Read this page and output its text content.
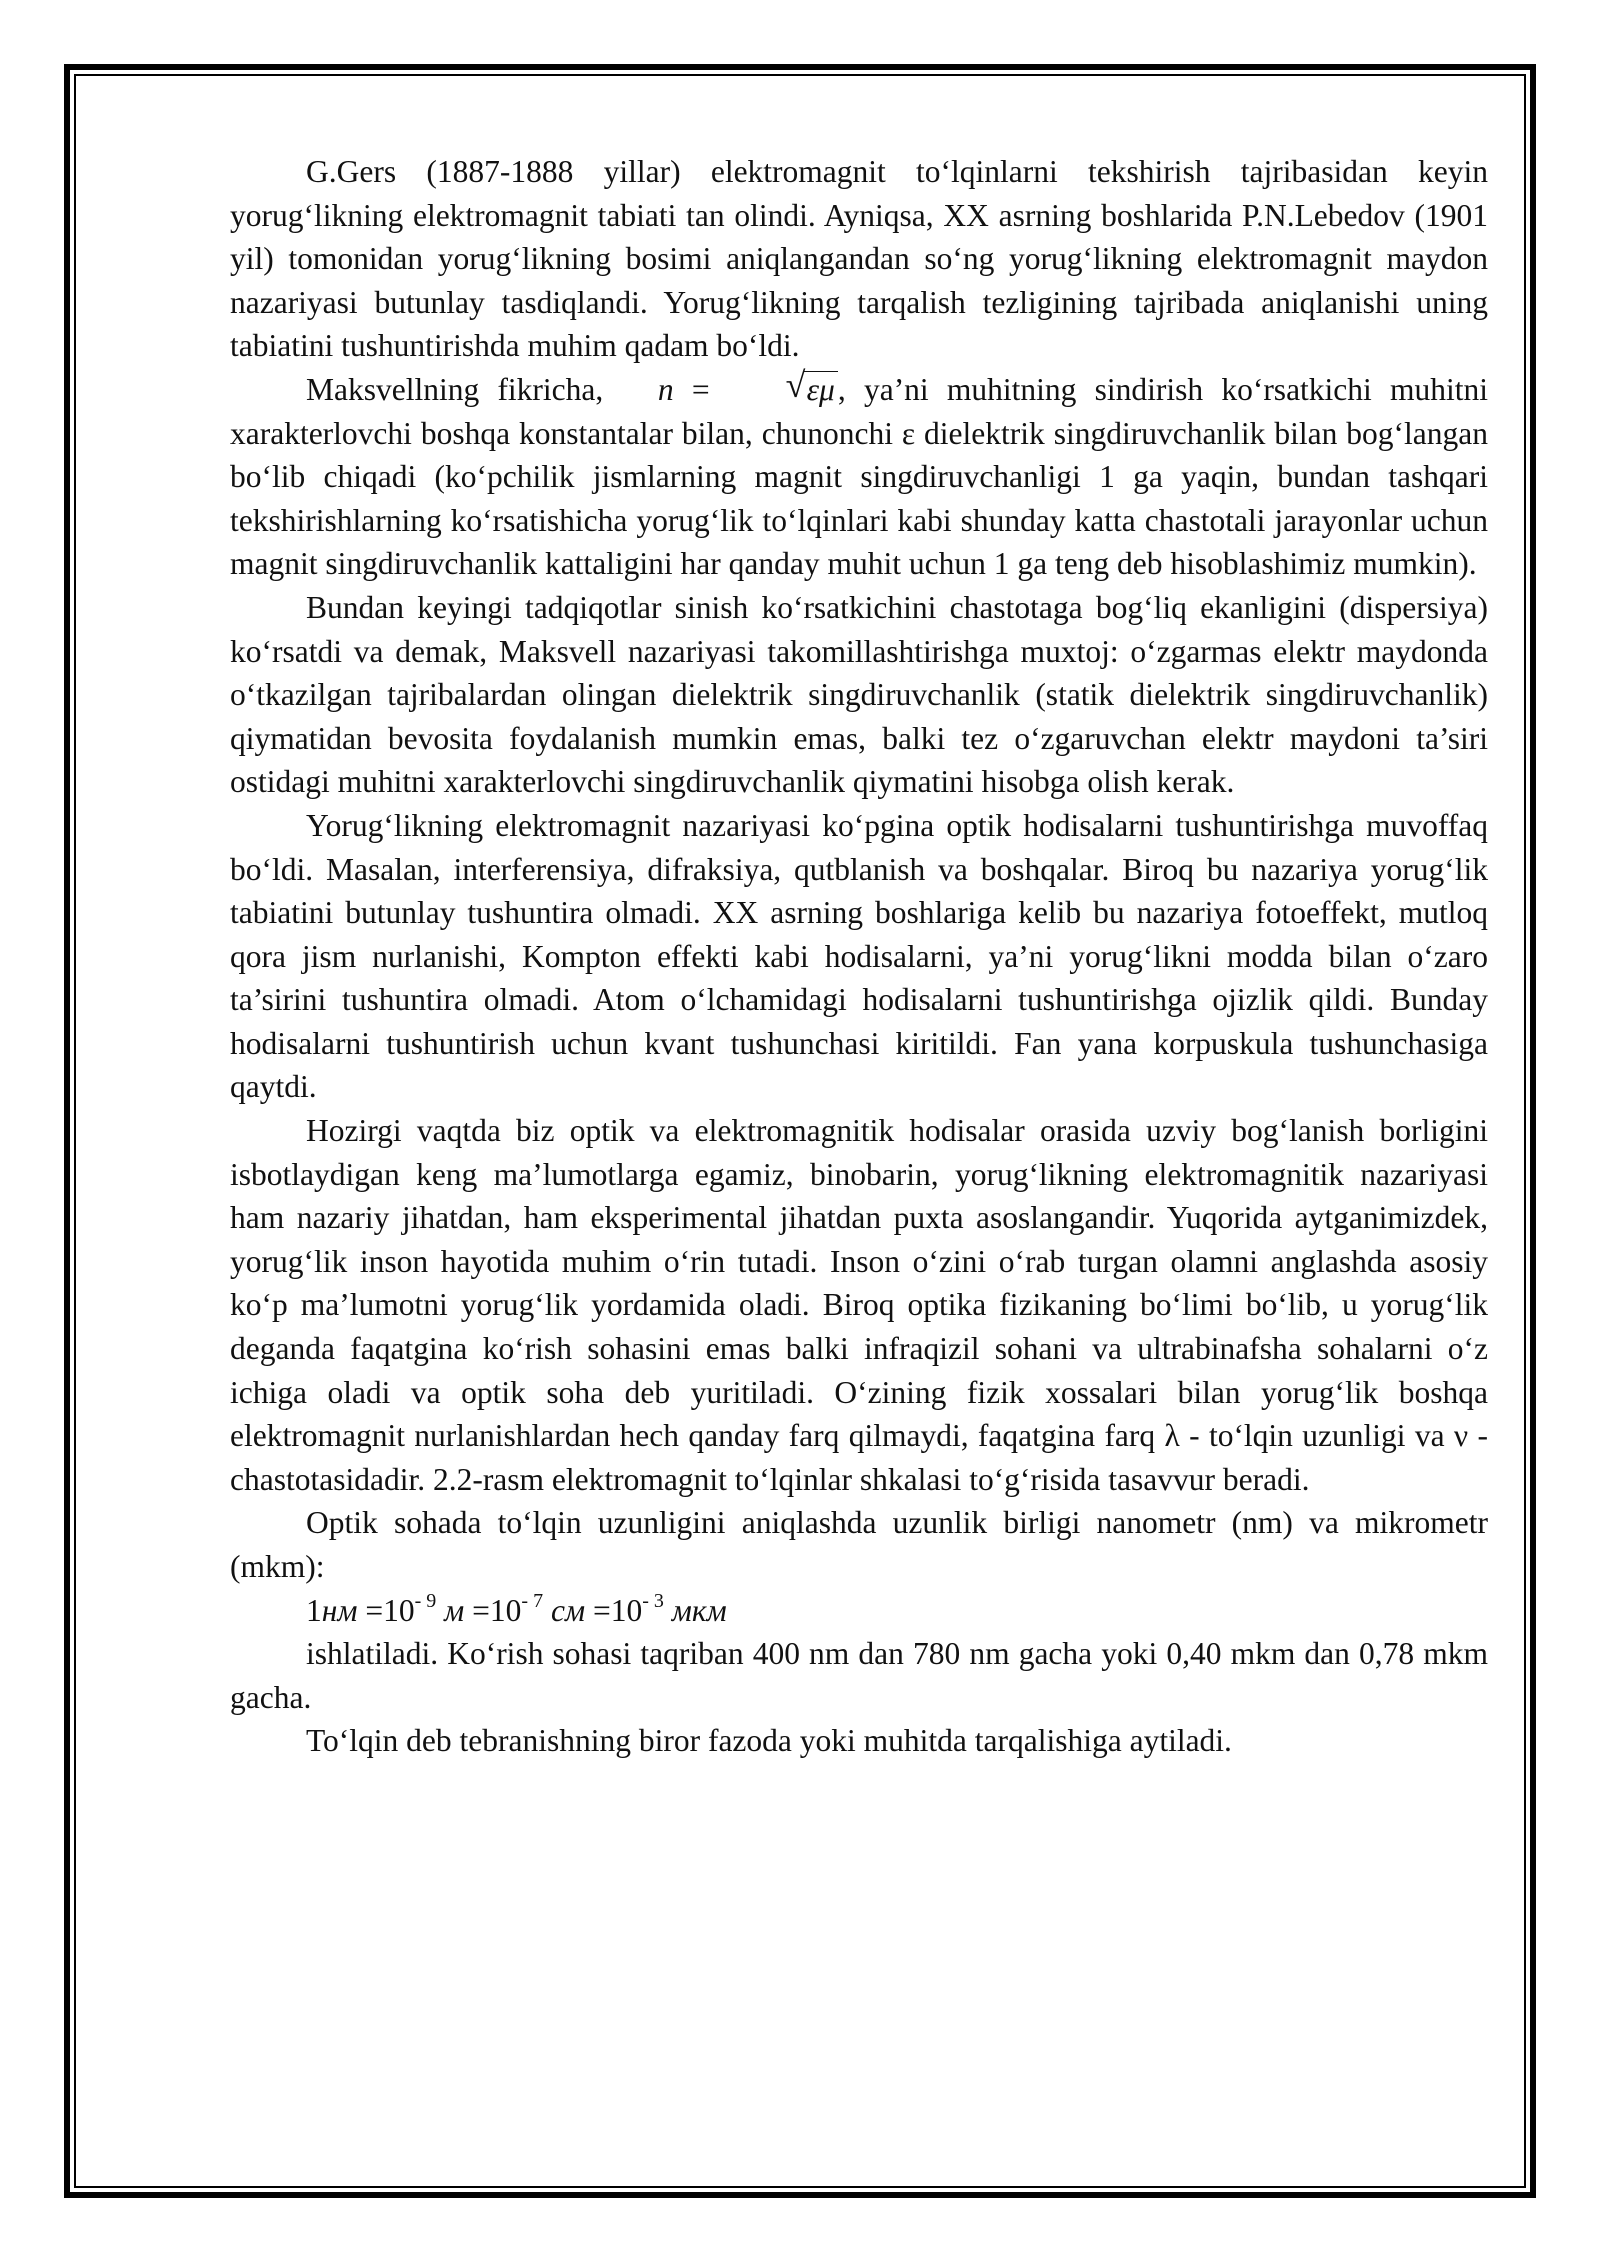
G.Gers (1887-1888 yillar) elektromagnit to‘lqinlarni tekshirish tajribasidan keyin yorug‘likning elektromagnit tabiati tan olindi. Ayniqsa, XX asrning boshlarida P.N.Lebedov (1901 yil) tomonidan yorug‘likning bosimi aniqlangandan so‘ng yorug‘likning elektromagnit maydon nazariyasi butunlay tasdiqlandi. Yorug‘likning tarqalish tezligining tajribada aniqlanishi uning tabiatini tushuntirishda muhim qadam bo‘ldi.

Maksvellning fikricha, n =	√ εμ, ya’ni muhitning sindirish ko‘rsatkichi muhitni xarakterlovchi boshqa konstantalar bilan, chunonchi ε dielektrik singdiruvchanlik bilan bog‘langan bo‘lib chiqadi (ko‘pchilik jismlarning magnit singdiruvchanligi 1 ga yaqin, bundan tashqari tekshirishlarning ko‘rsatishicha yorug‘lik to‘lqinlari kabi shunday katta chastotali jarayonlar uchun magnit singdiruvchanlik kattaligini har qanday muhit uchun 1 ga teng deb hisoblashimiz mumkin).

Bundan keyingi tadqiqotlar sinish ko‘rsatkichini chastotaga bog‘liq ekanligini (dispersiya) ko‘rsatdi va demak, Maksvell nazariyasi takomillashtirishga muxtoj: o‘zgarmas elektr maydonda o‘tkazilgan tajribalardan olingan dielektrik singdiruvchanlik (statik dielektrik singdiruvchanlik) qiymatidan bevosita foydalanish mumkin emas, balki tez o‘zgaruvchan elektr maydoni ta’siri ostidagi muhitni xarakterlovchi singdiruvchanlik qiymatini hisobga olish kerak.

Yorug‘likning elektromagnit nazariyasi ko‘pgina optik hodisalarni tushuntirishga muvoffaq bo‘ldi. Masalan, interferensiya, difraksiya, qutblanish va boshqalar. Biroq bu nazariya yorug‘lik tabiatini butunlay tushuntira olmadi. XX asrning boshlariga kelib bu nazariya fotoeffekt, mutloq qora jism nurlanishi, Kompton effekti kabi hodisalarni, ya’ni yorug‘likni modda bilan o‘zaro ta’sirini tushuntira olmadi. Atom o‘lchamidagi hodisalarni tushuntirishga ojizlik qildi. Bunday hodisalarni tushuntirish uchun kvant tushunchasi kiritildi. Fan yana korpuskula tushunchasiga qaytdi.

Hozirgi vaqtda biz optik va elektromagnitik hodisalar orasida uzviy bog‘lanish borligini isbotlaydigan keng ma’lumotlarga egamiz, binobarin, yorug‘likning elektromagnitik nazariyasi ham nazariy jihatdan, ham eksperimental jihatdan puxta asoslangandir. Yuqorida aytganimizdek, yorug‘lik inson hayotida muhim o‘rin tutadi. Inson o‘zini o‘rab turgan olamni anglashda asosiy ko‘p ma’lumotni yorug‘lik yordamida oladi. Biroq optika fizikaning bo‘limi bo‘lib, u yorug‘lik deganda faqatgina ko‘rish sohasini emas balki infraqizil sohani va ultrabinafsha sohalarni o‘z ichiga oladi va optik soha deb yuritiladi. O‘zining fizik xossalari bilan yorug‘lik boshqa elektromagnit nurlanishlardan hech qanday farq qilmaydi, faqatgina farq λ - to‘lqin uzunligi va ν - chastotasidadir. 2.2-rasm elektromagnit to‘lqinlar shkalasi to‘g‘risida tasavvur beradi.

Optik sohada to‘lqin uzunligini aniqlashda uzunlik birligi nanometr (nm) va mikrometr (mkm):

$1нм =10^{- 9}$ $м =10^{- 7}$ см $=10^{- 3}$ мкм

ishlatiladi. Ko‘rish sohasi taqriban 400 nm dan 780 nm gacha yoki 0,40 mkm dan 0,78 mkm gacha.

To‘lqin deb tebranishning biror fazoda yoki muhitda tarqalishiga aytiladi.
